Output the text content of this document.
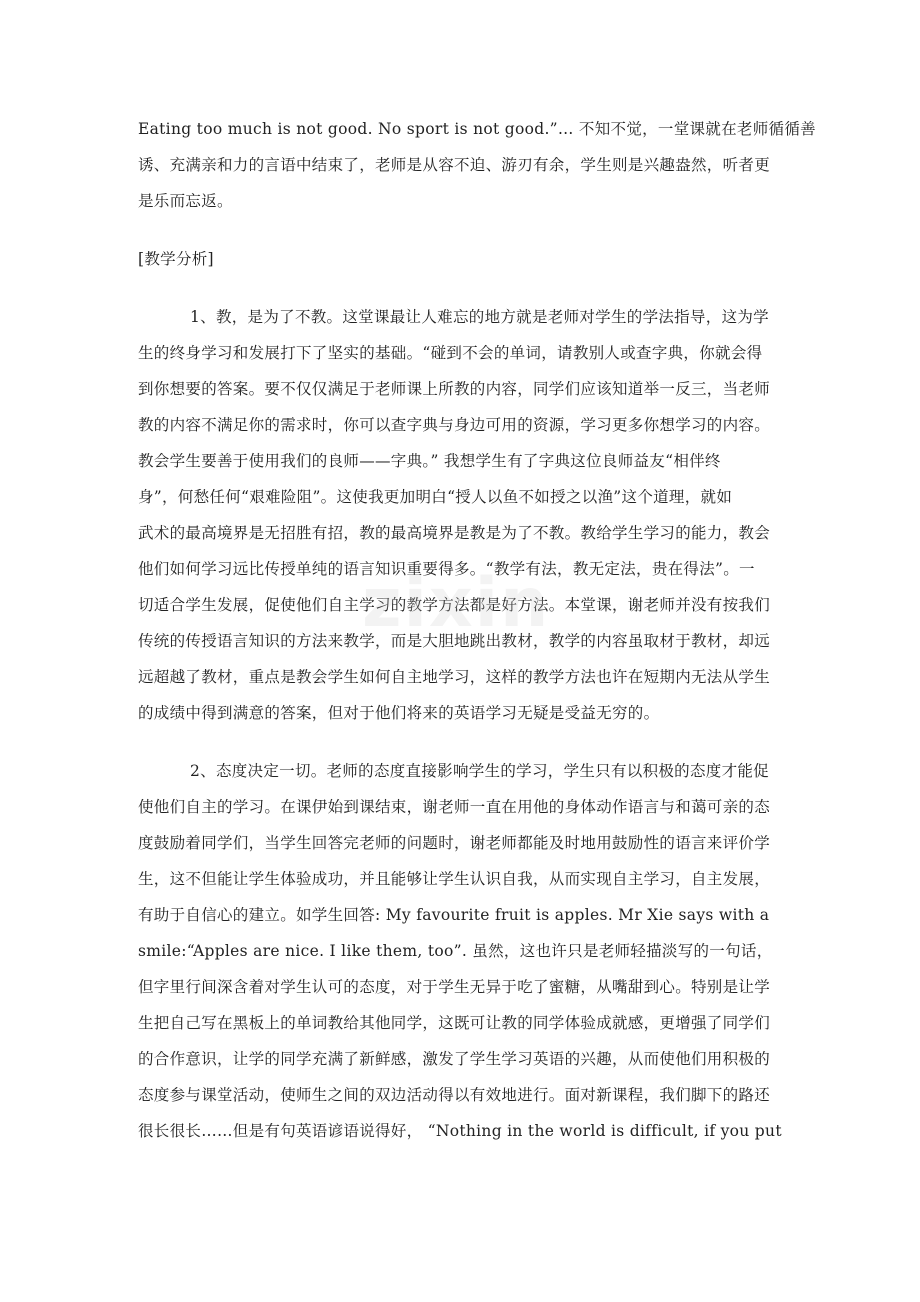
Eating too much is not good. No sport is not good.”… 不知不觉，一堂课就在老师循循善
诱、充满亲和力的言语中结束了，老师是从容不迫、游刃有余，学生则是兴趣盎然，听者更
是乐而忘返。
[教学分析]
1、教，是为了不教。这堂课最让人难忘的地方就是老师对学生的学法指导，这为学
生的终身学习和发展打下了坚实的基础。“碰到不会的单词，请教别人或查字典，你就会得
到你想要的答案。要不仅仅满足于老师课上所教的内容，同学们应该知道举一反三，当老师
教的内容不满足你的需求时，你可以查字典与身边可用的资源，学习更多你想学习的内容。
教会学生要善于使用我们的良师——字典。” 我想学生有了字典这位良师益友“相伴终
身”，何愁任何“艰难险阻”。这使我更加明白“授人以鱼不如授之以渔”这个道理，就如
武术的最高境界是无招胜有招，教的最高境界是教是为了不教。教给学生学习的能力，教会
他们如何学习远比传授单纯的语言知识重要得多。“教学有法，教无定法，贵在得法”。一
切适合学生发展，促使他们自主学习的教学方法都是好方法。本堂课，谢老师并没有按我们
传统的传授语言知识的方法来教学，而是大胆地跳出教材，教学的内容虽取材于教材，却远
远超越了教材，重点是教会学生如何自主地学习，这样的教学方法也许在短期内无法从学生
的成绩中得到满意的答案，但对于他们将来的英语学习无疑是受益无穷的。
2、态度决定一切。老师的态度直接影响学生的学习，学生只有以积极的态度才能促
使他们自主的学习。在课伊始到课结束，谢老师一直在用他的身体动作语言与和蔼可亲的态
度鼓励着同学们，当学生回答完老师的问题时，谢老师都能及时地用鼓励性的语言来评价学
生，这不但能让学生体验成功，并且能够让学生认识自我，从而实现自主学习，自主发展，
有助于自信心的建立。如学生回答: My favourite fruit is apples. Mr Xie says with a
smile:“Apples are nice. I like them, too”. 虽然，这也许只是老师轻描淡写的一句话，
但字里行间深含着对学生认可的态度，对于学生无异于吃了蜜糖，从嘴甜到心。特别是让学
生把自己写在黑板上的单词教给其他同学，这既可让教的同学体验成就感，更增强了同学们
的合作意识，让学的同学充满了新鲜感，激发了学生学习英语的兴趣，从而使他们用积极的
态度参与课堂活动，使师生之间的双边活动得以有效地进行。面对新课程，我们脚下的路还
很长很长……但是有句英语谚语说得好， “Nothing in the world is difficult, if you put
zixin
